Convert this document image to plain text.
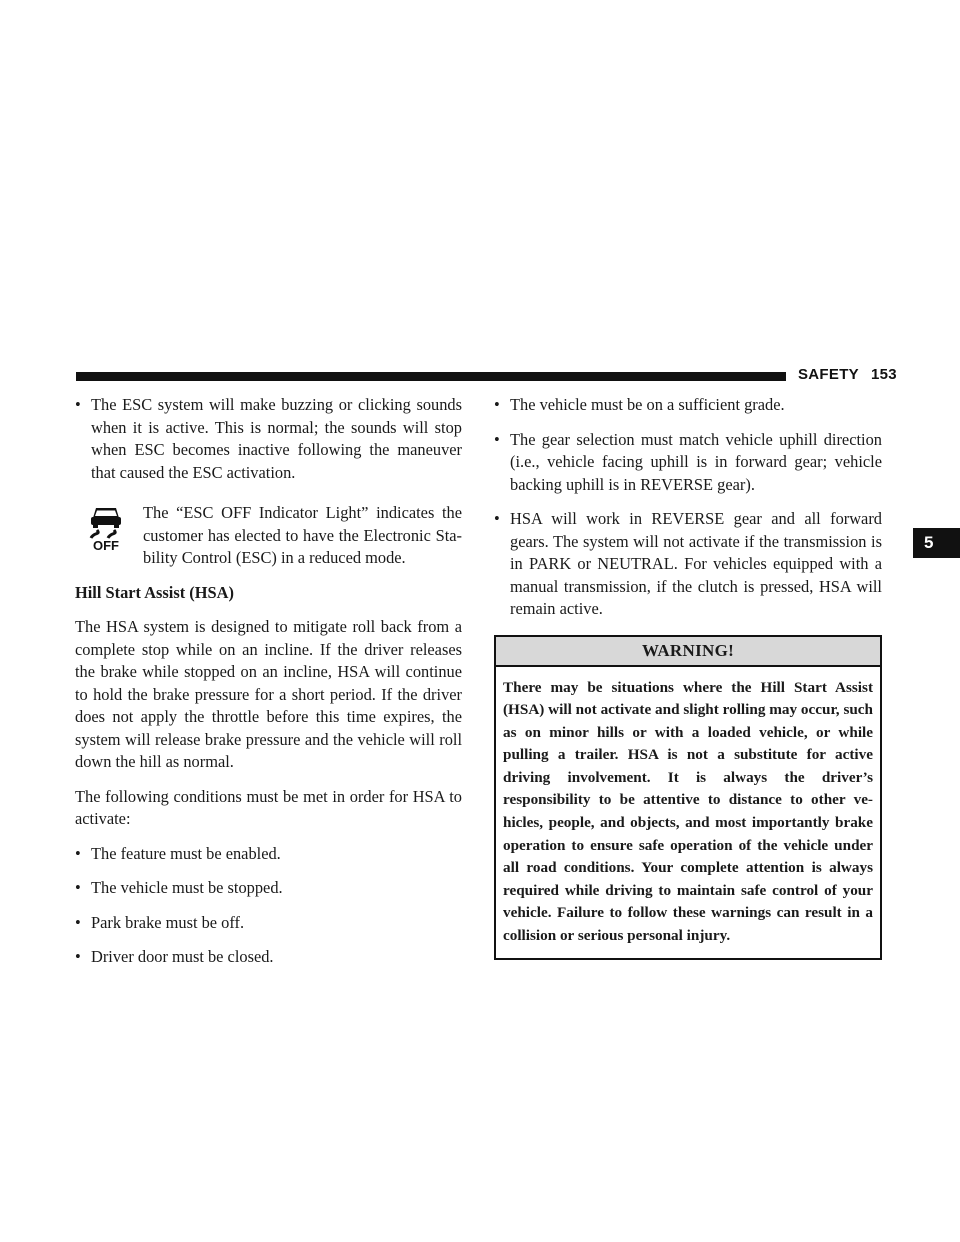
SAFETY 153
5
• The ESC system will make buzzing or clicking sounds when it is active. This is normal; the sounds will stop when ESC becomes inactive following the maneuver that caused the ESC activation.
OFF
The “ESC OFF Indicator Light” indicates the customer has elected to have the Electronic Sta-bility Control (ESC) in a reduced mode.
Hill Start Assist (HSA)

The HSA system is designed to mitigate roll back from a complete stop while on an incline. If the driver releases the brake while stopped on an incline, HSA will continue to hold the brake pressure for a short period. If the driver does not apply the throttle before this time expires, the system will release brake pressure and the vehicle will roll down the hill as normal.

The following conditions must be met in order for HSA to activate:

• The feature must be enabled.
• The vehicle must be stopped.
• Park brake must be off.
• Driver door must be closed.
• The vehicle must be on a sufficient grade.
• The gear selection must match vehicle uphill direction (i.e., vehicle facing uphill is in forward gear; vehicle backing uphill is in REVERSE gear).
• HSA will work in REVERSE gear and all forward gears. The system will not activate if the transmission is in PARK or NEUTRAL. For vehicles equipped with a manual transmission, if the clutch is pressed, HSA will remain active.
WARNING!
There may be situations where the Hill Start Assist (HSA) will not activate and slight rolling may occur, such as on minor hills or with a loaded vehicle, or while pulling a trailer. HSA is not a substitute for active driving involvement. It is always the driver’s responsibility to be attentive to distance to other ve-hicles, people, and objects, and most importantly brake operation to ensure safe operation of the vehicle under all road conditions. Your complete attention is always required while driving to maintain safe control of your vehicle. Failure to follow these warnings can result in a collision or serious personal injury.
